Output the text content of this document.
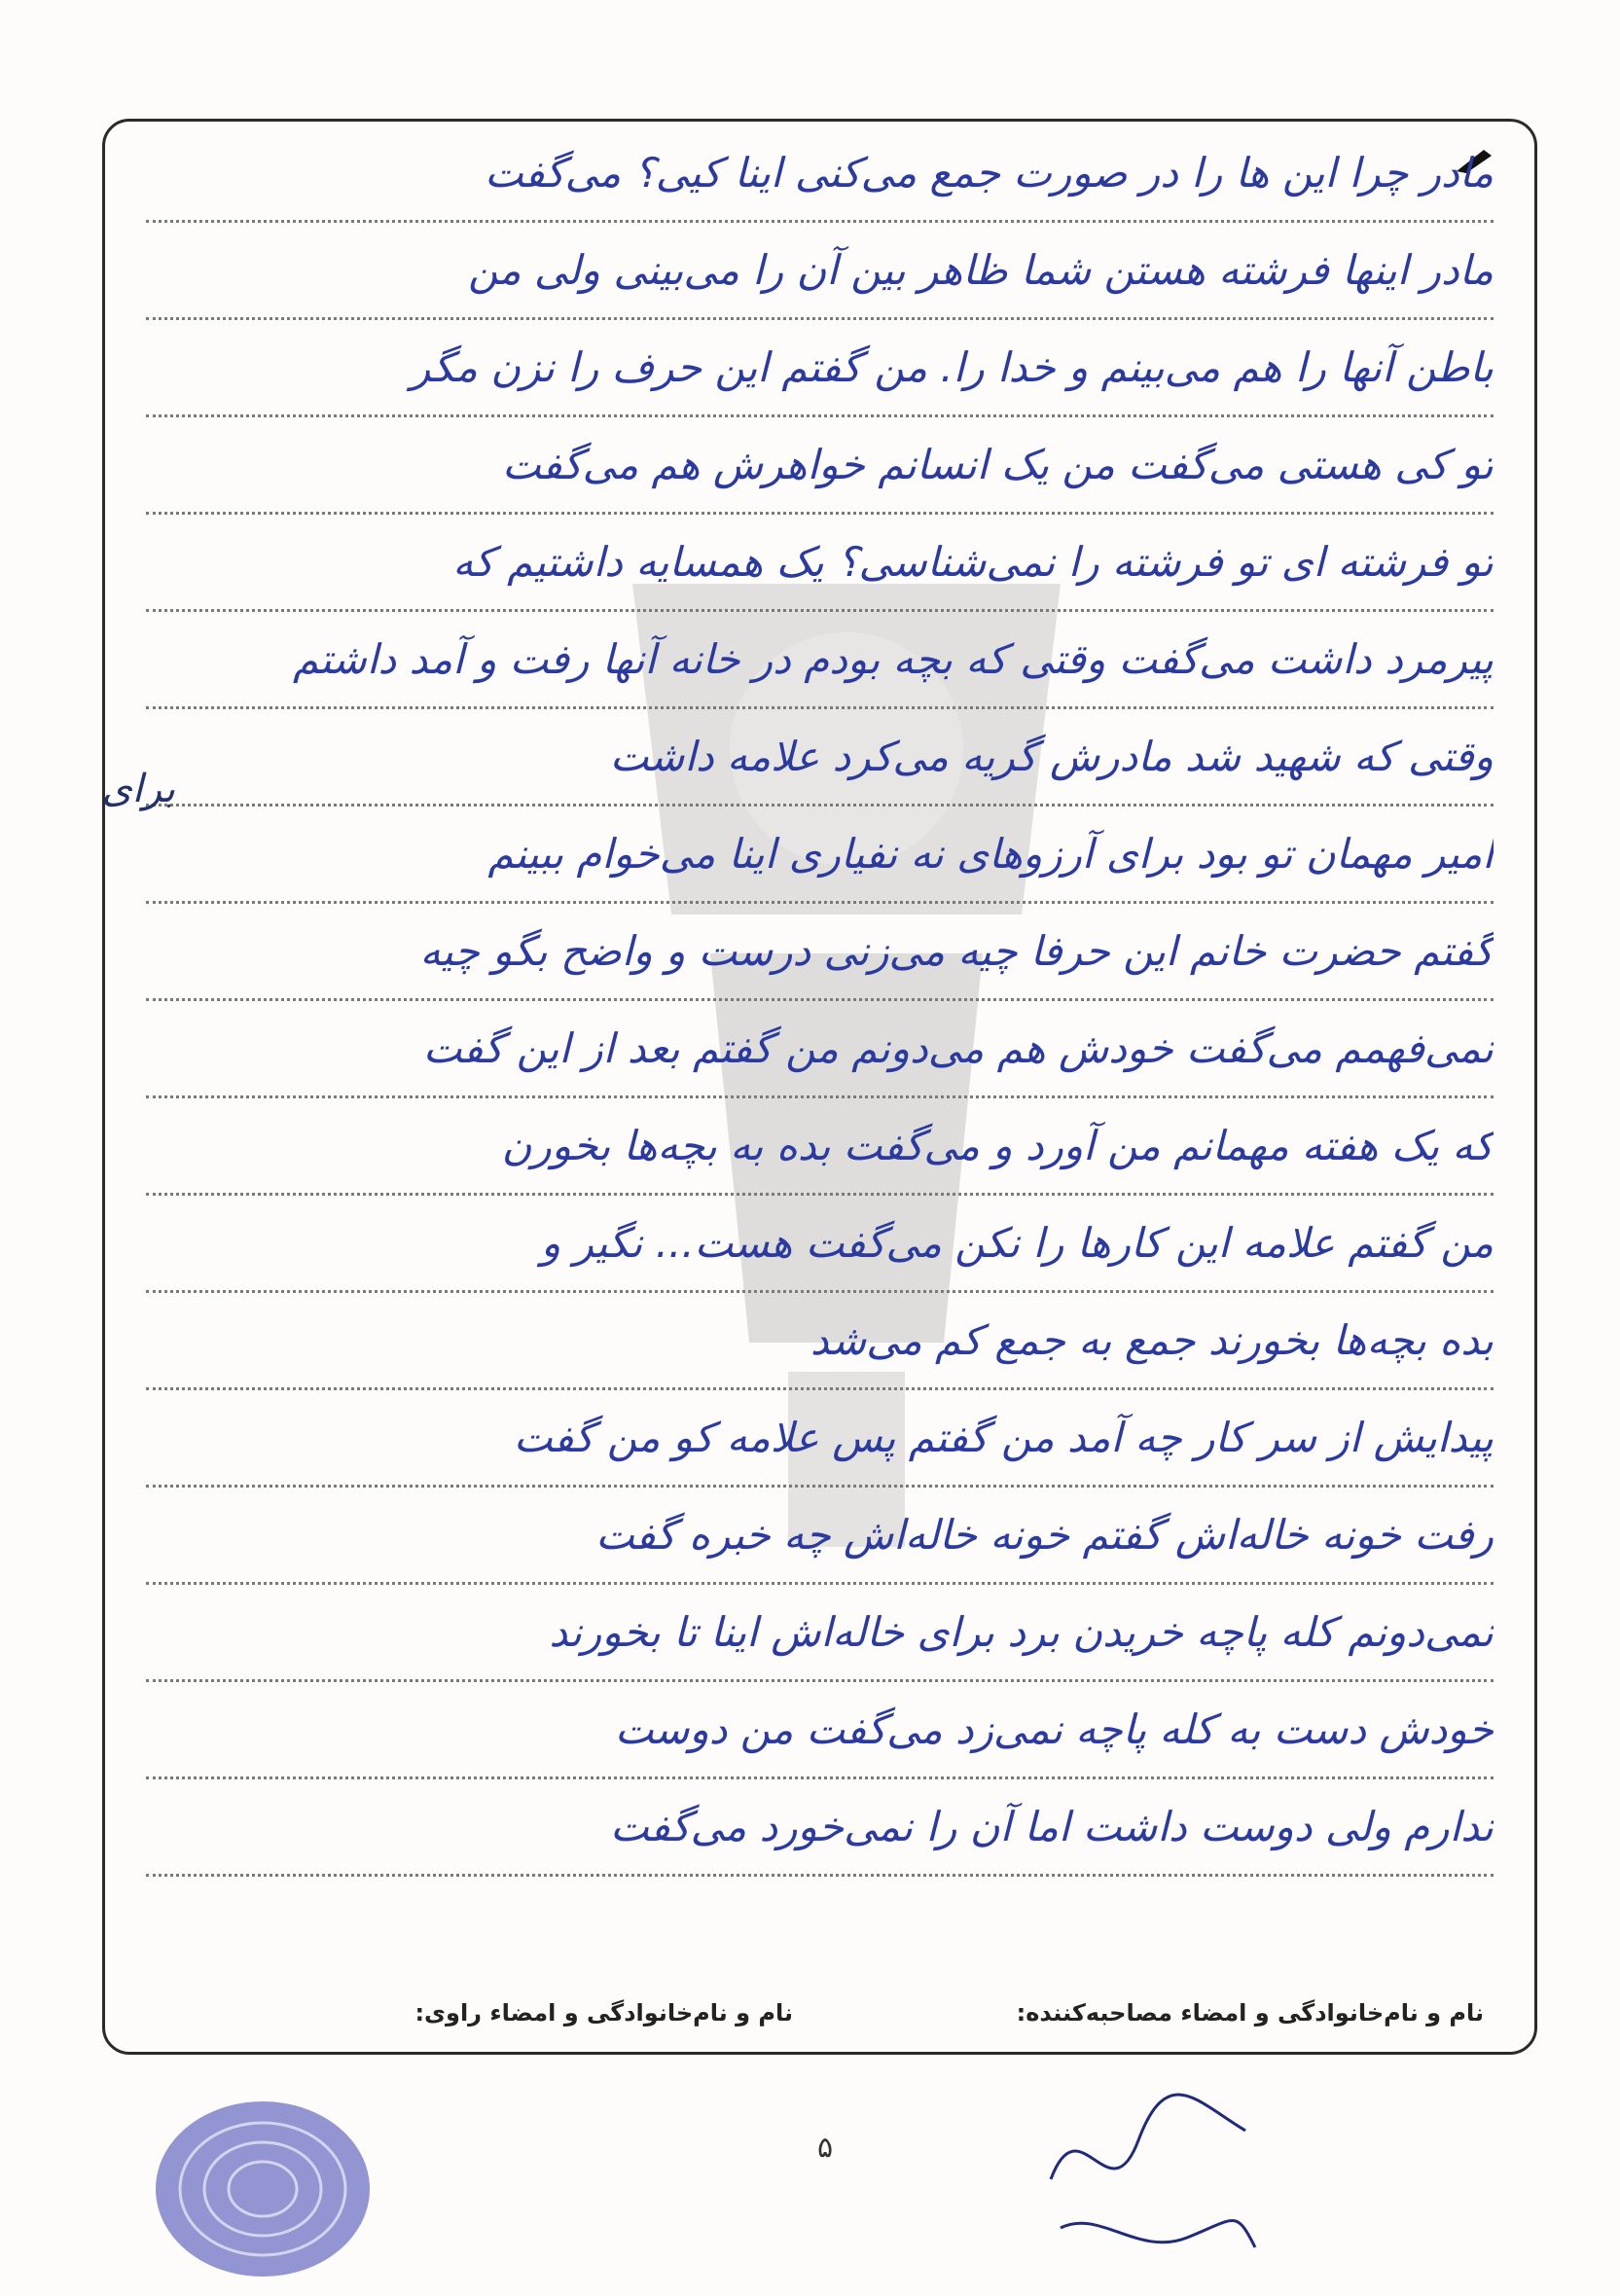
مادر چرا این ها را در صورت جمع می‌کنی اینا کیی؟ می‌گفت
مادر اینها فرشته هستن شما ظاهر بین آن را می‌بینی ولی من
باطن آنها را هم می‌بینم و خدا را. من گفتم این حرف را نزن مگر
تو کی هستی می‌گفت من یک انسانم خواهرش هم می‌گفت
تو فرشته ای تو فرشته را نمی‌شناسی؟ یک همسایه داشتیم که
پیرمرد داشت می‌گفت وقتی که بچه بودم در خانه آنها رفت و آمد داشتم
وقتی که شهید شد مادرش گریه می‌کرد علامه داشت
امیر مهمان تو بود برای آرزوهای نه نفیاری اینا می‌خوام ببینم
گفتم حضرت خانم این حرفا چیه می‌زنی درست و واضح بگو چیه
نمی‌فهمم می‌گفت خودش هم می‌دونم من گفتم بعد از این گفت
که یک هفته مهمانم من آورد و می‌گفت بده به بچه‌ها بخورن
من گفتم علامه این کارها را نکن می‌گفت هست... نگیر و
بده بچه‌ها بخورند جمع به جمع کم می‌شد
پیدایش از سر کار چه آمد من گفتم پس علامه کو من گفت
رفت خونه خاله‌اش گفتم خونه خاله‌اش چه خبره گفت
نمی‌دونم کله پاچه خریدن برد برای خاله‌اش اینا تا بخورند
خودش دست به کله پاچه نمی‌زد می‌گفت من دوست
ندارم ولی دوست داشت اما آن را نمی‌خورد می‌گفت
برای
نام و نام‌خانوادگی و امضاء مصاحبه‌کننده:
نام و نام‌خانوادگی و امضاء راوی:
۵
